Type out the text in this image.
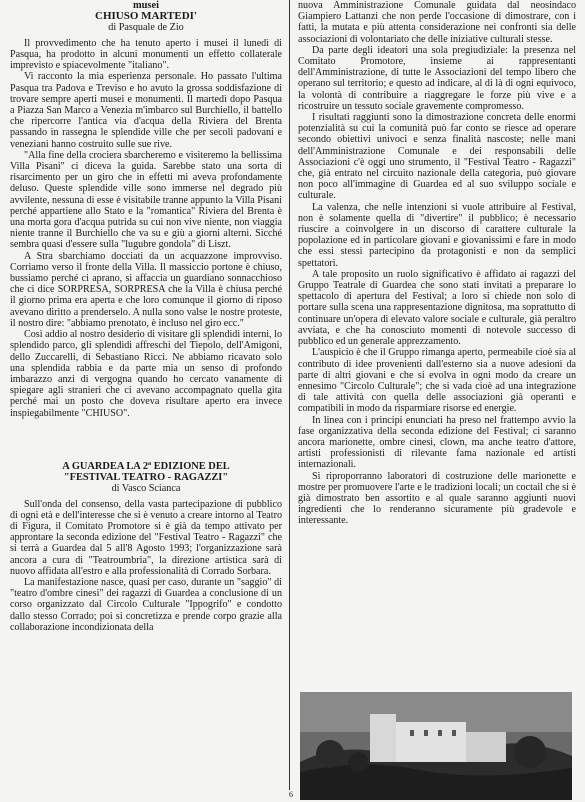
musei
CHIUSO MARTEDI'
di Pasquale de Zio

Il provvedimento che ha tenuto aperto i musei il lunedì di Pasqua, ha prodotto in alcuni monumenti un effetto collaterale imprevisto e spiacevolmente "italiano".

Vi racconto la mia esperienza personale. Ho passato l'ultima Pasqua tra Padova e Treviso e ho avuto la grossa soddisfazione di trovare sempre aperti musei e monumenti. Il martedì dopo Pasqua a Piazza San Marco a Venezia m'imbarco sul Burchiello, il battello che ripercorre l'antica via d'acqua della Riviera del Brenta passando in rassegna le splendide ville che per secoli padovani e veneziani hanno costruito sulle sue rive.

"Alla fine della crociera sbarcheremo e visiteremo la bellissima Villa Pisani" ci diceva la guida. Sarebbe stato una sorta di risarcimento per un giro che in effetti mi aveva profondamente deluso. Queste splendide ville sono immerse nel degrado più avvilente, nessuna di esse è visitabile tranne appunto la Villa Pisani perché appartiene allo Stato e la "romantica" Riviera del Brenta è una morta gora d'acqua putrida su cui non vive niente, non viaggia niente tranne il Burchiello che va su e giù a giorni alterni. Sicché sembra quasi d'essere sulla "lugubre gondola" di Liszt.

A Stra sbarchiamo docciati da un acquazzone improvviso. Corriamo verso il fronte della Villa. Il massiccio portone è chiuso, bussiamo perché ci aprano, si affaccia un guardiano sonnacchioso che ci dice SORPRESA, SORPRESA che la Villa è chiusa perché il giorno prima era aperta e che loro comunque il giorno di riposo avevano diritto a prenderselo. A nulla sono valse le nostre proteste, il nostro dire: "abbiamo prenotato, è incluso nel giro ecc."

Così addio al nostro desiderio di visitare gli splendidi interni, lo splendido parco, gli splendidi affreschi del Tiepolo, dell'Amigoni, dello Zuccarelli, di Sebastiano Ricci. Ne abbiamo ricavato solo una splendida rabbia e da parte mia un senso di profondo imbarazzo anzi di vergogna quando ho cercato vanamente di spiegare agli stranieri che ci avevano accompagnato quella gita perché mai un posto che doveva risultare aperto era invece inspiegabilmente "CHIUSO".

A GUARDEA LA 2ª EDIZIONE DEL
"FESTIVAL TEATRO - RAGAZZI"
di Vasco Scianca

Sull'onda del consenso, della vasta partecipazione di pubblico di ogni età e dell'interesse che si è venuto a creare intorno al Teatro di Figura, il Comitato Promotore si è già da tempo attivato per approntare la seconda edizione del "Festival Teatro - Ragazzi" che si terrà a Guardea dal 5 all'8 Agosto 1993; l'organizzazione sarà ancora a cura di "Teatroumbria", la direzione artistica sarà di nuovo affidata all'estro e alla professionalità di Corrado Sorbara.

La manifestazione nasce, quasi per caso, durante un "saggio" di "teatro d'ombre cinesi" dei ragazzi di Guardea a conclusione di un corso organizzato dal Circolo Culturale "Ippogrifo" e condotto dallo stesso Corrado; poi si concretizza e prende corpo grazie alla collaborazione incondizionata della

nuova Amministrazione Comunale guidata dal neosindaco Giampiero Lattanzi che non perde l'occasione di dimostrare, con i fatti, la mutata e più attenta considerazione nei confronti sia delle associazioni di volontariato che delle iniziative culturali stesse.

Da parte degli ideatori una sola pregiudiziale: la presenza nel Comitato Promotore, insieme ai rappresentanti dell'Amministrazione, di tutte le Associazioni del tempo libero che operano sul territorio; e questo ad indicare, al di là di ogni equivoco, la volontà di contribuire a riaggregare le forze più vive e a ricostruire un tessuto sociale gravemente compromesso.

I risultati raggiunti sono la dimostrazione concreta delle enormi potenzialità su cui la comunità può far conto se riesce ad operare secondo obiettivi univoci e senza finalità nascoste; nelle mani dell'Amministrazione Comunale e dei responsabili delle Associazioni c'è oggi uno strumento, il "Festival Teatro - Ragazzi" che, già entrato nel circuito nazionale della categoria, può giovare non poco all'immagine di Guardea ed al suo sviluppo sociale e culturale.

La valenza, che nelle intenzioni si vuole attribuire al Festival, non è solamente quella di "divertire" il pubblico; è necessario riuscire a coinvolgere in un discorso di carattere culturale la popolazione ed in particolare giovani e giovanissimi e fare in modo che essi stessi partecipino da protagonisti e non da semplici spettatori.

A tale proposito un ruolo significativo è affidato ai ragazzi del Gruppo Teatrale di Guardea che sono stati invitati a preparare lo spettacolo di apertura del Festival; a loro si chiede non solo di portare sulla scena una rappresentazione dignitosa, ma soprattutto di continuare un'opera di elevato valore sociale e culturale, già peraltro avviata, e che ha conosciuto momenti di notevole successo di pubblico ed un generale apprezzamento.

L'auspicio è che il Gruppo rimanga aperto, permeabile cioè sia al contributo di idee provenienti dall'esterno sia a nuove adesioni da parte di altri giovani e che si evolva in ogni modo da creare un ennesimo "Circolo Culturale"; che si vada cioè ad una integrazione di tale attività con quella delle associazioni già operanti e compatibili in modo da risparmiare risorse ed energie.

In linea con i principi enunciati ha preso nel frattempo avvio la fase organizzativa della seconda edizione del Festival; ci saranno ancora marionette, ombre cinesi, clown, ma anche teatro d'attore, artisti professionisti di rilevante fama nazionale ed artisti internazionali.

Si riproporranno laboratori di costruzione delle marionette e mostre per promuovere l'arte e le tradizioni locali; un coctail che si è già dimostrato ben assortito e al quale saranno aggiunti nuovi ingredienti che lo renderanno sicuramente più gradevole e interessante.

6
